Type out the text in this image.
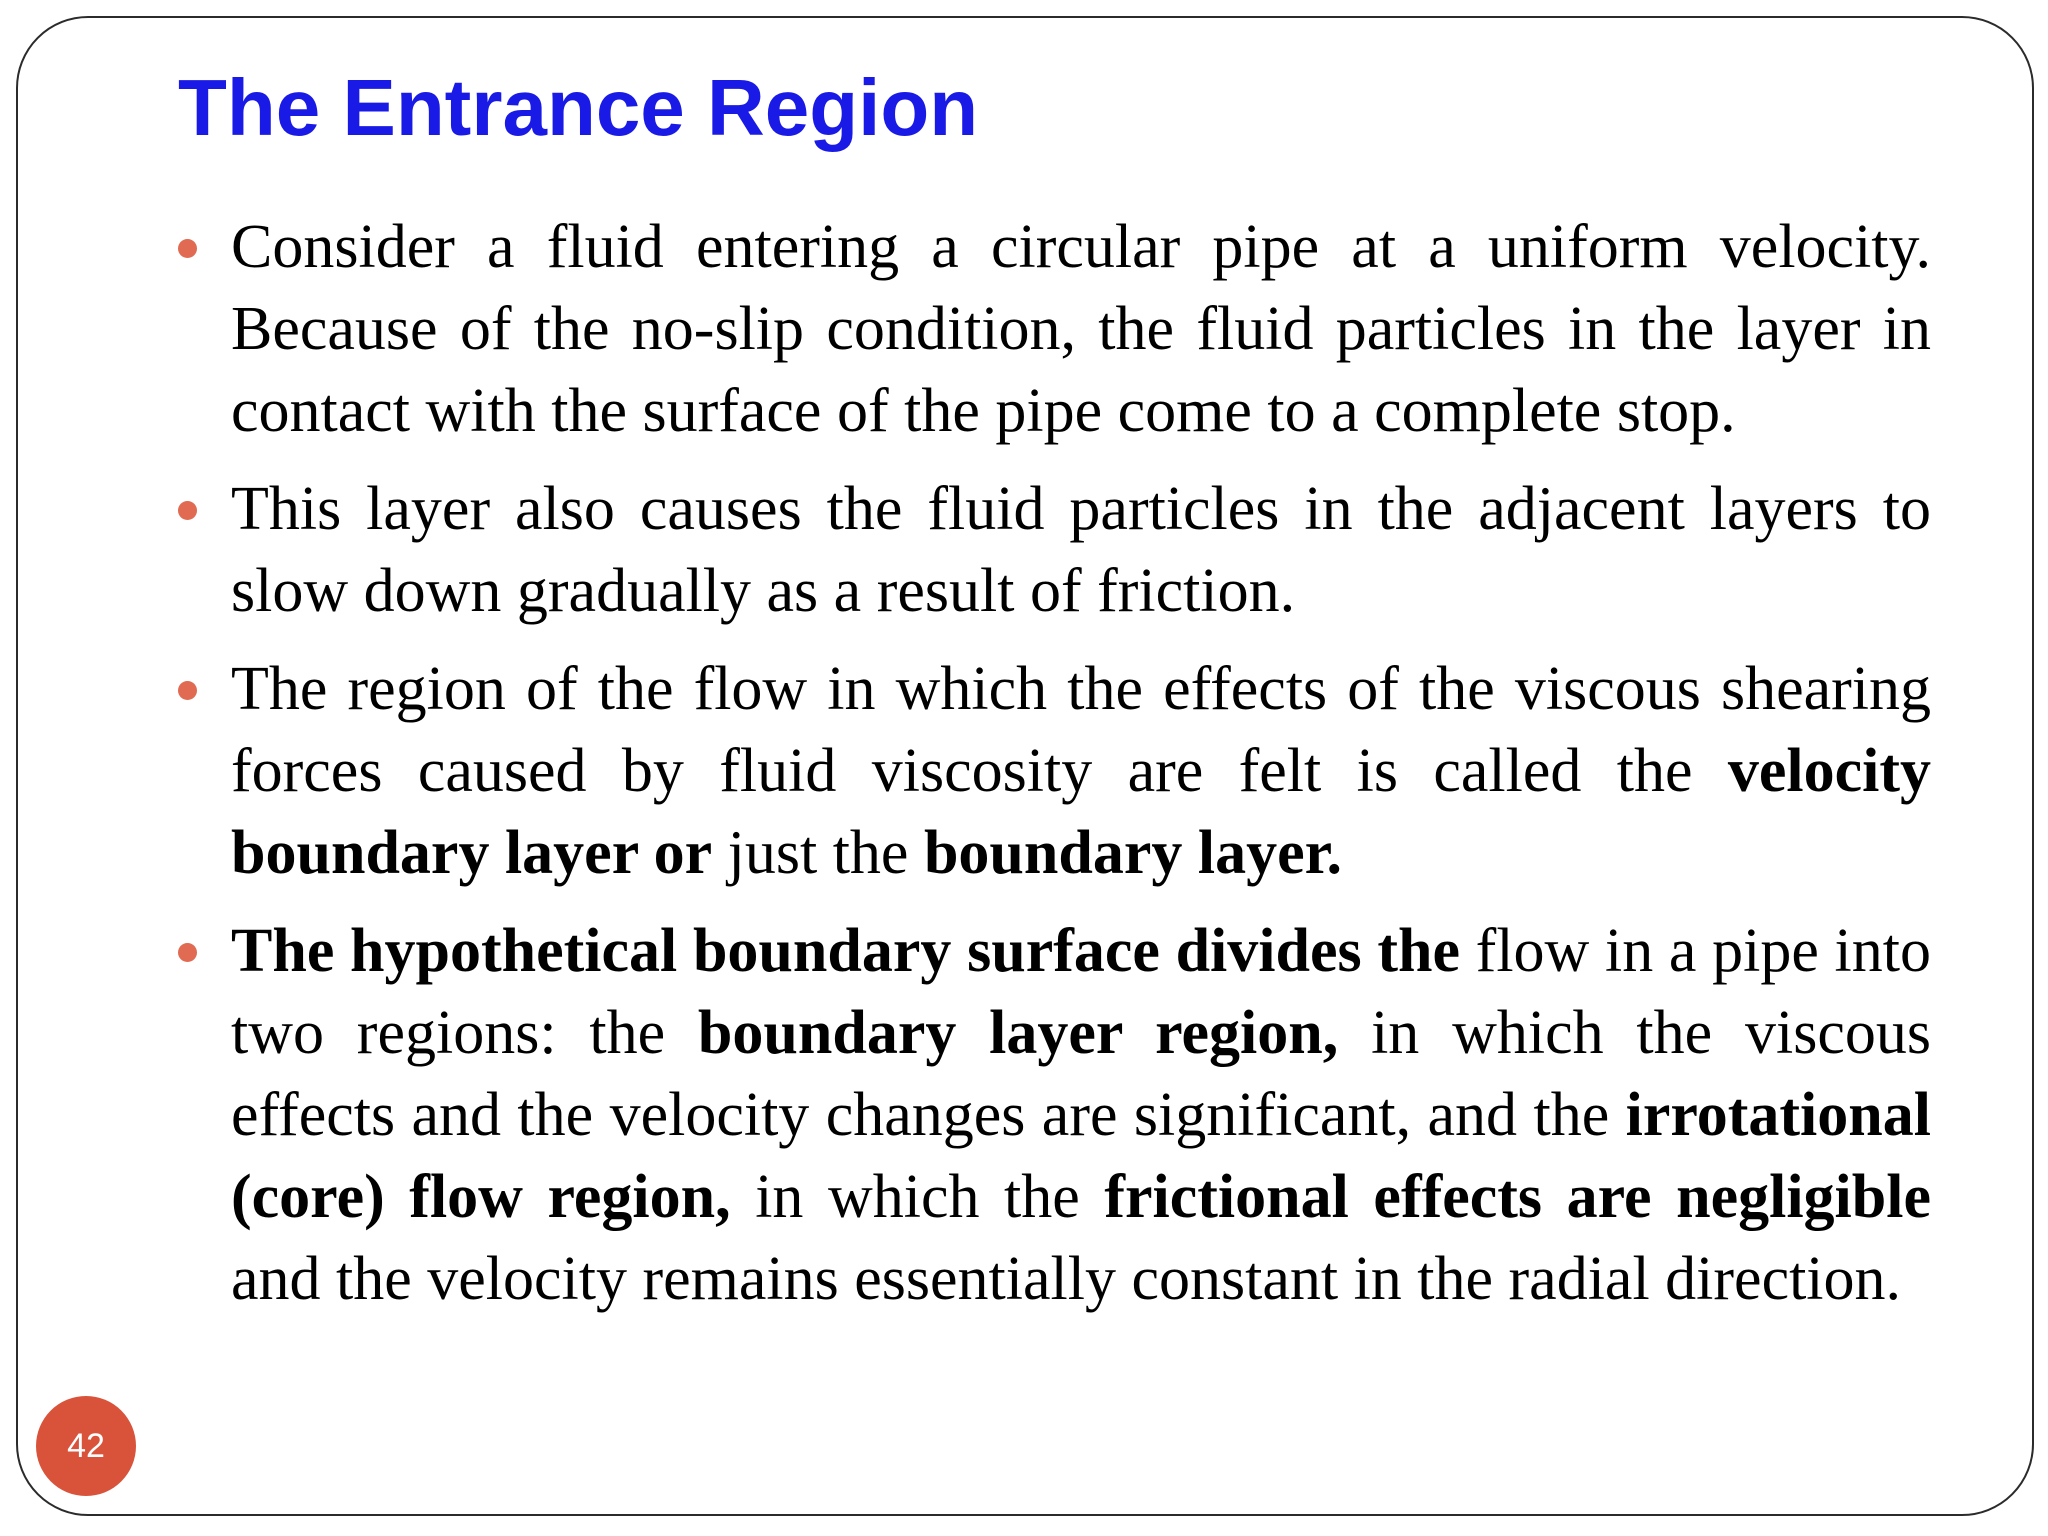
The Entrance Region
Consider a fluid entering a circular pipe at a uniform velocity. Because of the no-slip condition, the fluid particles in the layer in contact with the surface of the pipe come to a complete stop.
This layer also causes the fluid particles in the adjacent layers to slow down gradually as a result of friction.
The region of the flow in which the effects of the viscous shearing forces caused by fluid viscosity are felt is called the velocity boundary layer or just the boundary layer.
The hypothetical boundary surface divides the flow in a pipe into two regions: the boundary layer region, in which the viscous effects and the velocity changes are significant, and the irrotational (core) flow region, in which the frictional effects are negligible and the velocity remains essentially constant in the radial direction.
42
